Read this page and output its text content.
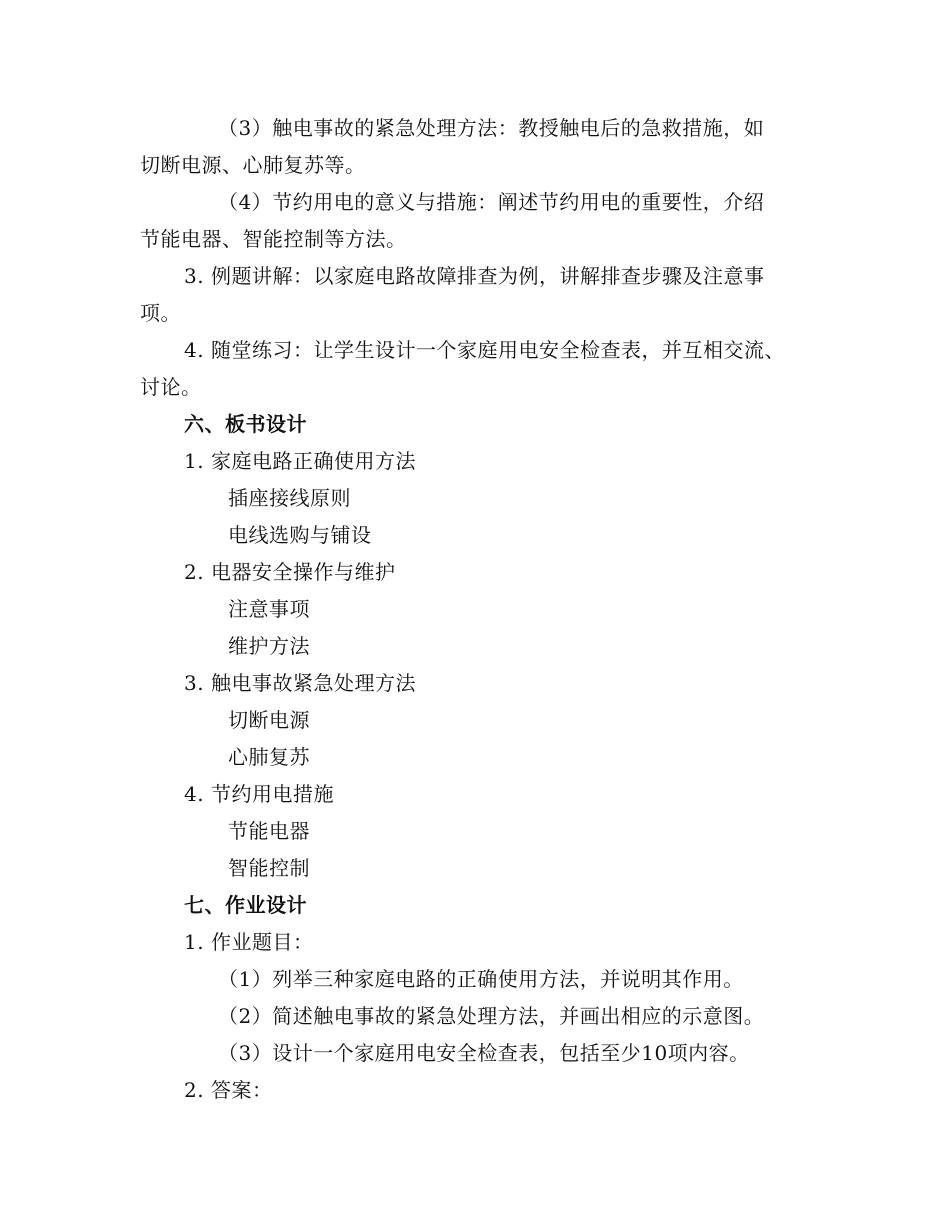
（3）触电事故的紧急处理方法：教授触电后的急救措施，如
切断电源、心肺复苏等。
（4）节约用电的意义与措施：阐述节约用电的重要性，介绍
节能电器、智能控制等方法。
3. 例题讲解：以家庭电路故障排查为例，讲解排查步骤及注意事
项。
4. 随堂练习：让学生设计一个家庭用电安全检查表，并互相交流、
讨论。
六、板书设计
1. 家庭电路正确使用方法
插座接线原则
电线选购与铺设
2. 电器安全操作与维护
注意事项
维护方法
3. 触电事故紧急处理方法
切断电源
心肺复苏
4. 节约用电措施
节能电器
智能控制
七、作业设计
1. 作业题目：
（1）列举三种家庭电路的正确使用方法，并说明其作用。
（2）简述触电事故的紧急处理方法，并画出相应的示意图。
（3）设计一个家庭用电安全检查表，包括至少10项内容。
2. 答案：
